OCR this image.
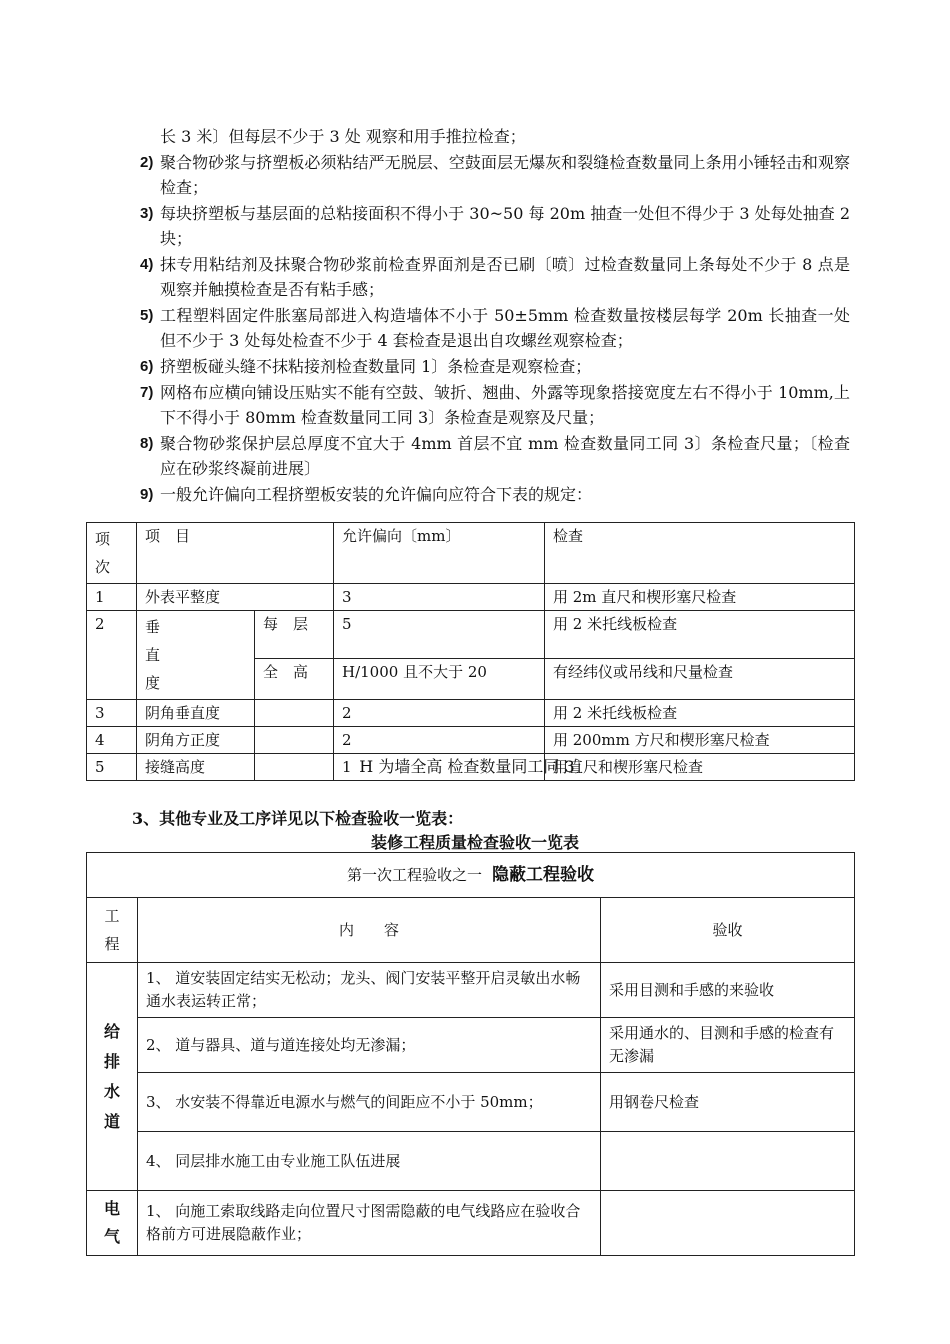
长 3 米〕但每层不少于 3 处 观察和用手推拉检查；
2) 聚合物砂浆与挤塑板必须粘结严无脱层、空鼓面层无爆灰和裂缝检查数量同上条用小锤轻击和观察检查；
3) 每块挤塑板与基层面的总粘接面积不得小于 30~50 每 20m 抽查一处但不得少于 3 处每处抽查 2 块；
4) 抹专用粘结剂及抹聚合物砂浆前检查界面剂是否已刷〔喷〕过检查数量同上条每处不少于 8 点是观察并触摸检查是否有粘手感；
5) 工程塑料固定件胀塞局部进入构造墙体不小于 50±5mm 检查数量按楼层每学 20m 长抽查一处但不少于 3 处每处检查不少于 4 套检查是退出自攻螺丝观察检查；
6) 挤塑板碰头缝不抹粘接剂检查数量同 1〕条检查是观察检查；
7) 网格布应横向铺设压贴实不能有空鼓、皱折、翘曲、外露等现象搭接宽度左右不得小于 10mm,上下不得小于 80mm 检查数量同工同 3〕条检查是观察及尺量；
8) 聚合物砂浆保护层总厚度不宜大于 4mm 首层不宜 mm 检查数量同工同 3〕条检查尺量；〔检查应在砂浆终凝前进展〕
9) 一般允许偏向工程挤塑板安装的允许偏向应符合下表的规定：
项次	项　目		允许偏向〔mm〕	检查
1	外表平整度		3	用 2m 直尺和楔形塞尺检查
2	垂直度	每　层	5	用 2 米托线板检查
		全　高	H/1000 且不大于 20	有经纬仪或吊线和尺量检查
3	阴角垂直度		2	用 2 米托线板检查
4	阴角方正度		2	用 200mm 方尺和楔形塞尺检查
5	接缝高度		1	用直尺和楔形塞尺检查
H 为墙全高 检查数量同工同 3〕
3、其他专业及工序详见以下检查验收一览表：
装修工程质量检查验收一览表
第一次工程验收之一 隐蔽工程验收		
工程	内　　容	验收
给排水道	1、 道安装固定结实无松动；龙头、阀门安装平整开启灵敏出水畅通水表运转正常；	采用目测和手感的来验收
	2、 道与器具、道与道连接处均无渗漏；	采用通水的、目测和手感的检查有无渗漏
	3、 水安装不得靠近电源水与燃气的间距应不小于 50mm；	用钢卷尺检查
	4、 同层排水施工由专业施工队伍进展	
电气	1、 向施工索取线路走向位置尺寸图需隐蔽的电气线路应在验收合格前方可进展隐蔽作业；	
